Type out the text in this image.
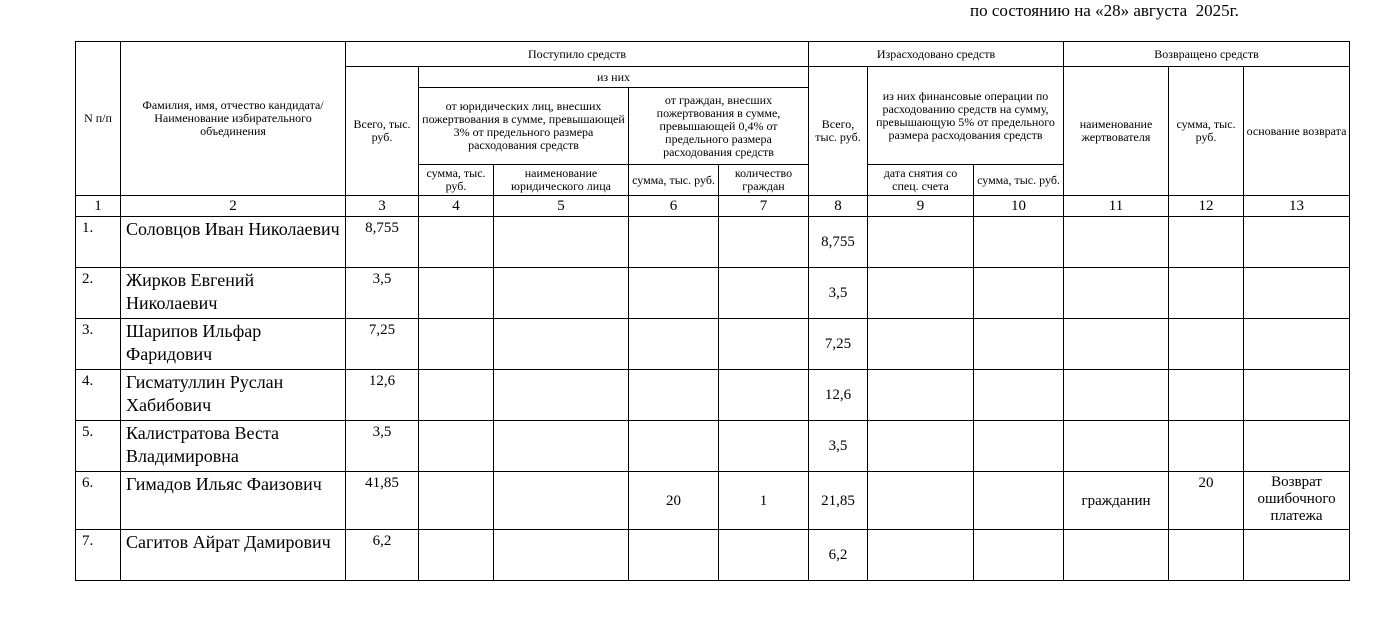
по состоянию на «28» августа  2025г.
N п/п	Фамилия, имя, отчество кандидата/ Наименование избирательного объединения	Поступило средств					Израсходовано средств			Возвращено средств		
		Всего, тыс. руб.	из них				Всего, тыс. руб.	из них финансовые операции по расходованию средств на сумму, превышающую 5% от предельного размера расходования средств		наименование жертвователя	сумма, тыс. руб.	основание возврата
			от юридических лиц, внесших пожертвования в сумме, превышающей 3% от предельного размера расходования средств		от граждан, внесших пожертвования в сумме, превышающей 0,4% от предельного размера расходования средств							
			сумма, тыс. руб.	наименование юридического лица	сумма, тыс. руб.	количество граждан		дата снятия со спец. счета	сумма, тыс. руб.			
1	2	3	4	5	6	7	8	9	10	11	12	13
1.	Соловцов Иван Николаевич	8,755					8,755					
2.	Жирков Евгений Николаевич	3,5					3,5					
3.	Шарипов Ильфар Фаридович	7,25					7,25					
4.	Гисматуллин Руслан Хабибович	12,6					12,6					
5.	Калистратова Веста Владимировна	3,5					3,5					
6.	Гимадов Ильяс Фаизович	41,85			20	1	21,85			гражданин	20	Возврат ошибочного платежа
7.	Сагитов Айрат Дамирович	6,2					6,2					
